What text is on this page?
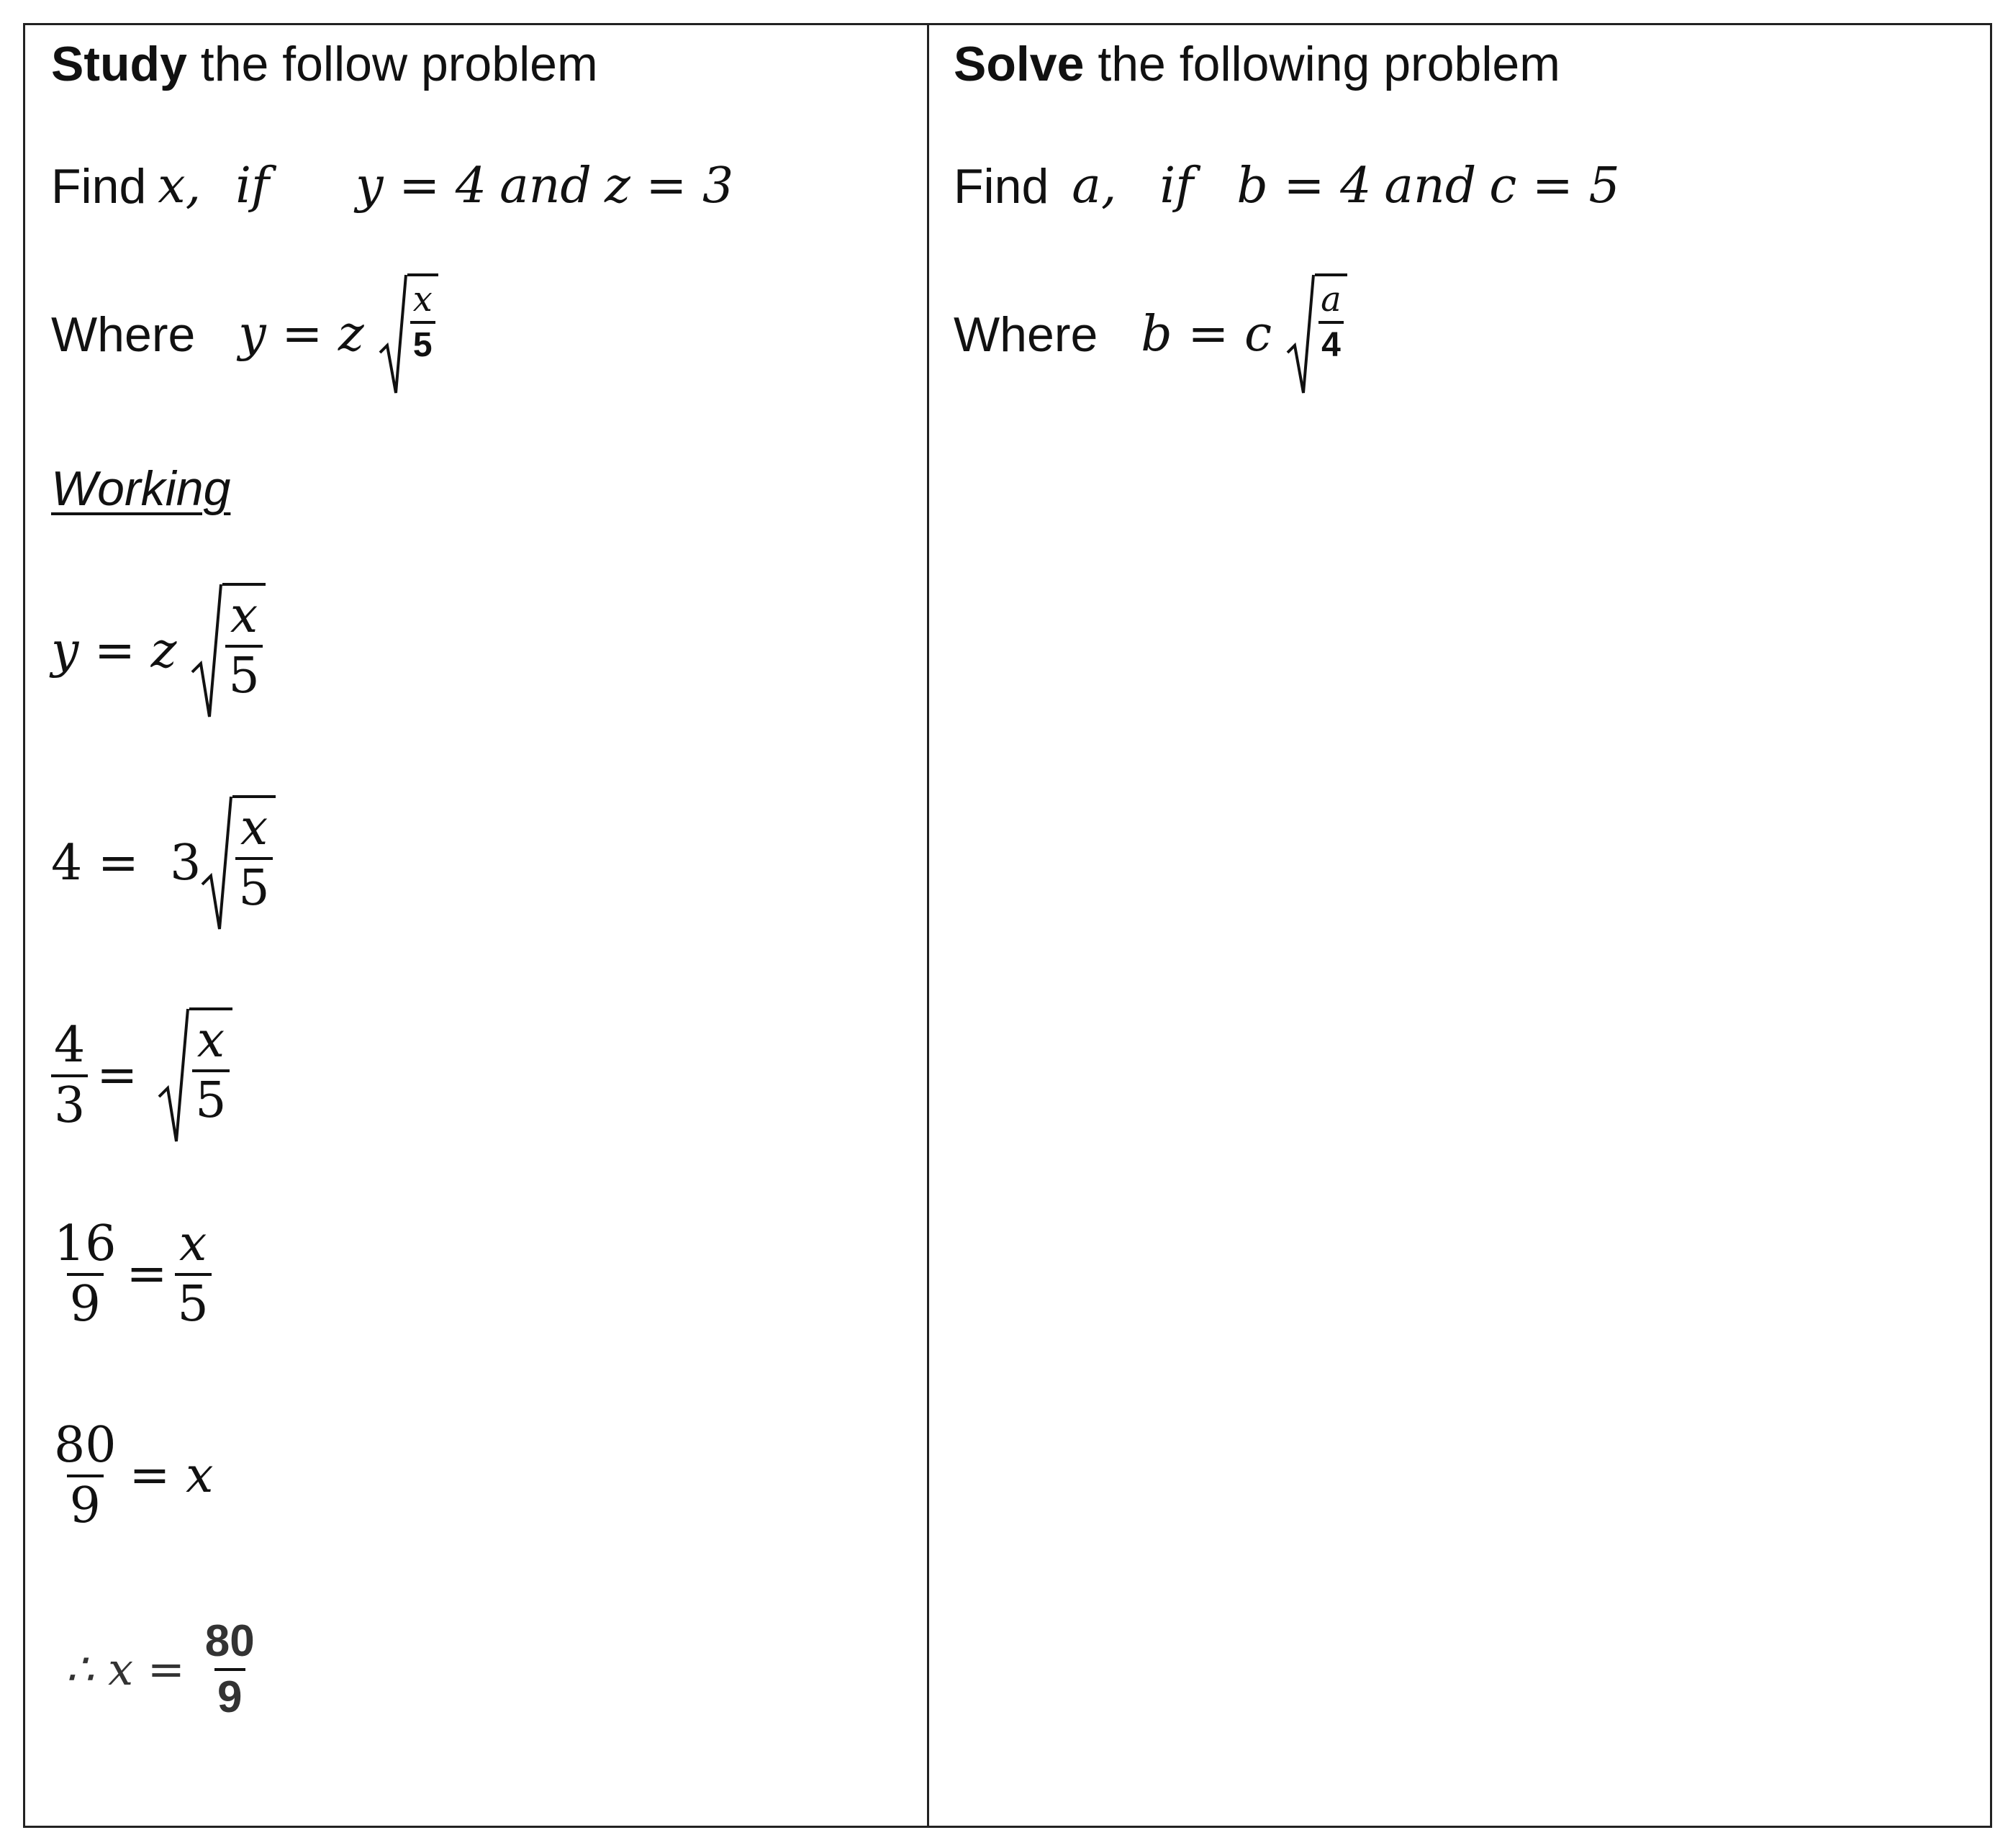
Study the follow problem
Find x, if y = 4 and z = 3
Where y = z $\frac{x}{5}$
Working
y = z $\frac{x}{5}$
$4 = 3 \frac{x}{5}$
$\frac{4}{3} = \frac{x}{5}$
$\frac{16}{9} = \frac{x}{5}$
$\frac{80}{9} = x$
∴ $x = \frac{80}{9}$
Solve the following problem
Find a, if b = 4 and c = 5
Where b = c $\frac{a}{4}$
